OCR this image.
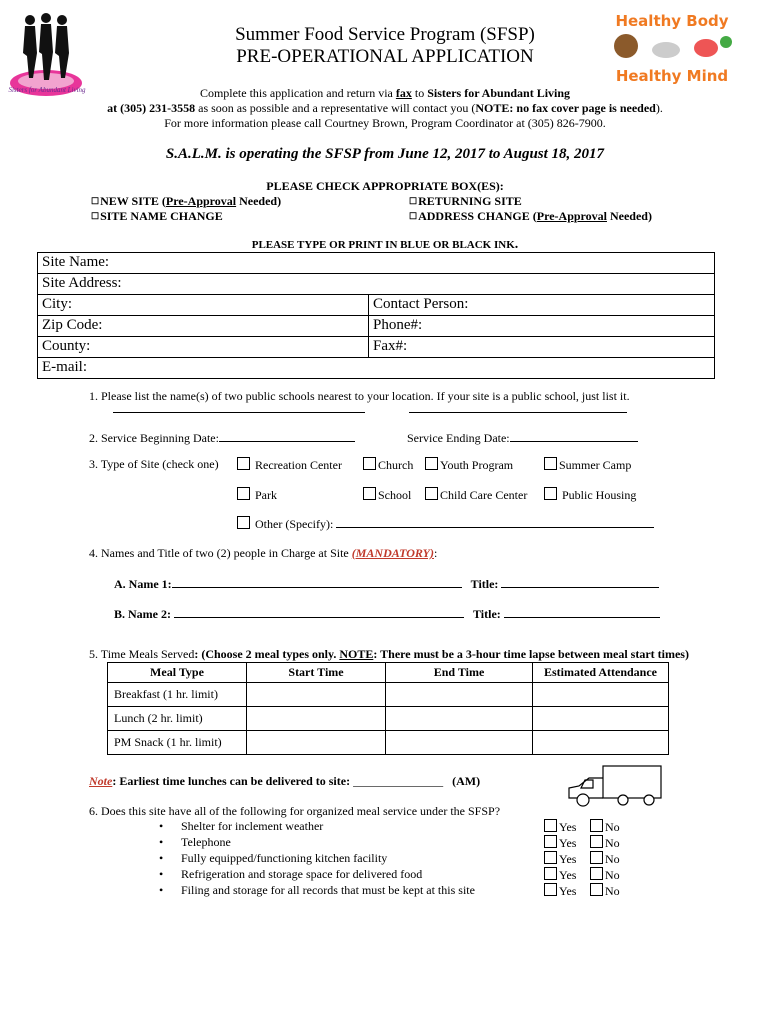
Sisters for Abundant Living
Healthy Body
Healthy Mind
Summer Food Service Program (SFSP)
PRE-OPERATIONAL APPLICATION
Complete this application and return via fax to Sisters for Abundant Living
at (305) 231-3558 as soon as possible and a representative will contact you (NOTE: no fax cover page is needed).
For more information please call Courtney Brown, Program Coordinator at (305) 826-7900.
S.A.L.M. is operating the SFSP from June 12, 2017 to August 18, 2017
PLEASE CHECK APPROPRIATE BOX(ES):
☐NEW SITE (Pre-Approval Needed)	☐RETURNING SITE
☐SITE NAME CHANGE	☐ADDRESS CHANGE (Pre-Approval Needed)
PLEASE TYPE OR PRINT IN BLUE OR BLACK INK.
Site Name:	
Site Address:	
City:	Contact Person:
Zip Code:	Phone#:
County:	Fax#:
E-mail:	
1. Please list the name(s) of two public schools nearest to your location. If your site is a public school, just list it.
2. Service Beginning Date:	Service Ending Date:
3. Type of Site (check one)	Recreation Center	Church	Youth Program	Summer Camp
Park	School	Child Care Center	Public Housing
Other (Specify):
4. Names and Title of two (2) people in Charge at Site (MANDATORY):
A. Name 1:	Title:
B. Name 2:	Title:
5. Time Meals Served: (Choose 2 meal types only. NOTE: There must be a 3-hour time lapse between meal start times)
Meal Type	Start Time	End Time	Estimated Attendance
Breakfast (1 hr. limit)			
Lunch (2 hr. limit)			
PM Snack (1 hr. limit)			
Note: Earliest time lunches can be delivered to site: _______________ (AM)
6. Does this site have all of the following for organized meal service under the SFSP?
• Shelter for inclement weather
• Telephone
• Fully equipped/functioning kitchen facility
• Refrigeration and storage space for delivered food
• Filing and storage for all records that must be kept at this site
Yes	No
Yes	No
Yes	No
Yes	No
Yes	No
